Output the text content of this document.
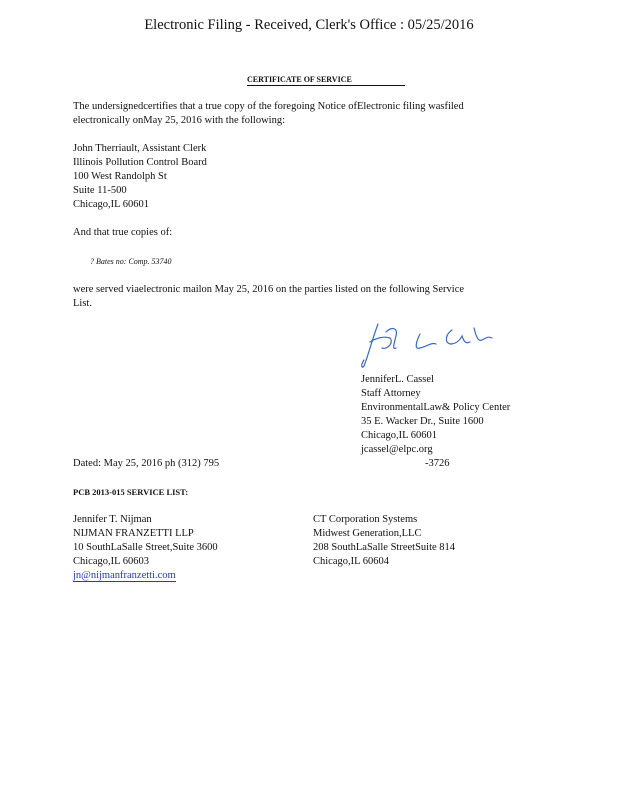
Electronic Filing - Received, Clerk's Office : 05/25/2016
CERTIFICATE OF SERVICE
The undersignedcertifies that a true copy of the foregoing Notice ofElectronic filing wasfiled
electronically onMay 25, 2016 with the following:
John Therriault, Assistant Clerk
Illinois Pollution Control Board
100 West Randolph St
Suite 11-500
Chicago,IL 60601
And that true copies of:
? Bates no: Comp. 53740
were served viaelectronic mailon May 25, 2016 on the parties listed on the following Service
List.
JenniferL. Cassel
Staff Attorney
EnvironmentalLaw& Policy Center
35 E. Wacker Dr., Suite 1600
Chicago,IL 60601
jcassel@elpc.org
Dated: May 25, 2016 ph (312) 795	-3726
PCB 2013-015 SERVICE LIST:
Jennifer T. Nijman
NIJMAN FRANZETTI LLP
10 SouthLaSalle Street,Suite 3600
Chicago,IL 60603
jn@nijmanfranzetti.com
CT Corporation Systems
Midwest Generation,LLC
208 SouthLaSalle StreetSuite 814
Chicago,IL 60604
